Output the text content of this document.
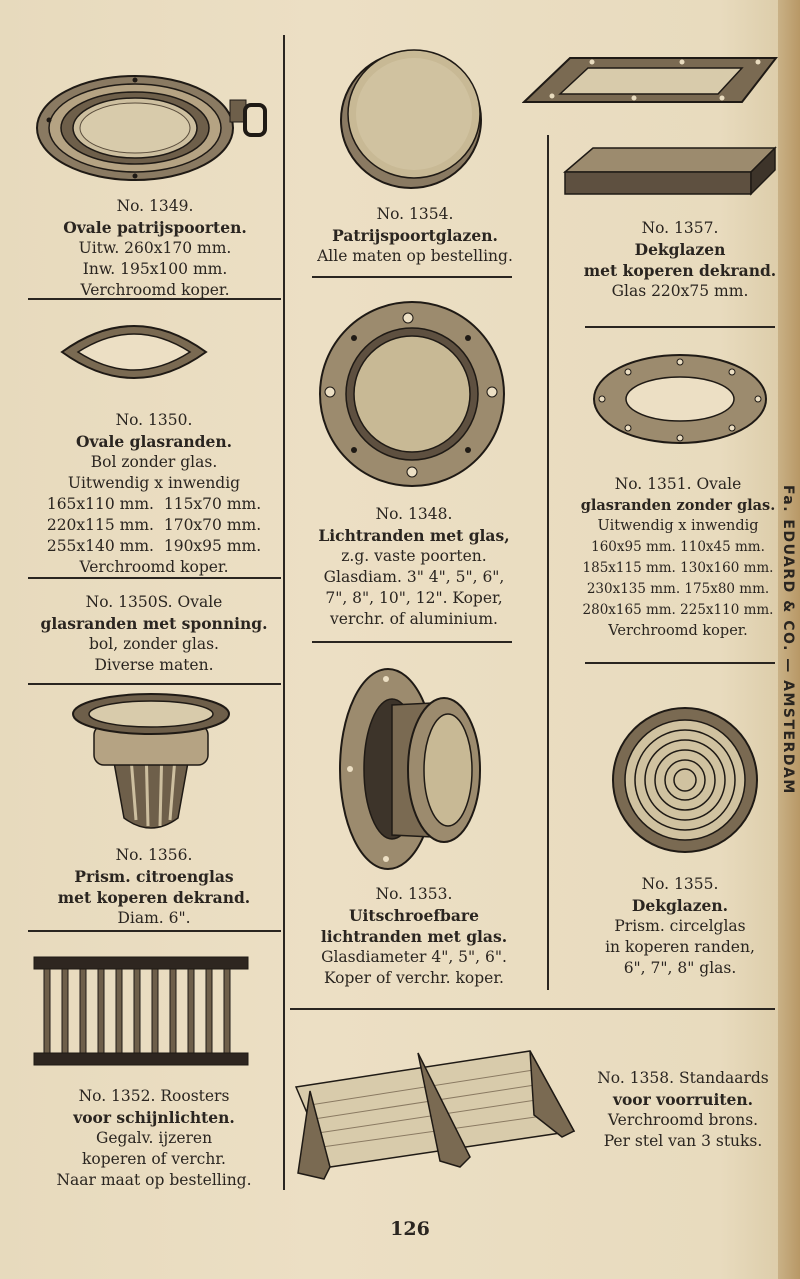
No. 1349.
Ovale patrijspoorten.
Uitw. 260x170 mm.
Inw. 195x100 mm.
Verchroomd koper.
No. 1354.
Patrijspoortglazen.
Alle maten op bestelling.
No. 1357.
Dekglazen
met koperen dekrand.
Glas 220x75 mm.
No. 1350.
Ovale glasranden.
Bol zonder glas.
Uitwendig x inwendig
165x110 mm.  115x70 mm.
220x115 mm.  170x70 mm.
255x140 mm.  190x95 mm.
Verchroomd koper.
No. 1348.
Lichtranden met glas,
z.g. vaste poorten.
Glasdiam. 3" 4", 5", 6",
7", 8", 10", 12". Koper,
verchr. of aluminium.
No. 1351. Ovale
glasranden zonder glas.
Uitwendig x inwendig
160x95 mm. 110x45 mm.
185x115 mm. 130x160 mm.
230x135 mm. 175x80 mm.
280x165 mm. 225x110 mm.
Verchroomd koper.
No. 1350S. Ovale
glasranden met sponning.
bol, zonder glas.
Diverse maten.
No. 1356.
Prism. citroenglas
met koperen dekrand.
Diam. 6".
No. 1353.
Uitschroefbare
lichtranden met glas.
Glasdiameter 4", 5", 6".
Koper of verchr. koper.
No. 1355.
Dekglazen.
Prism. circelglas
in koperen randen,
6", 7", 8" glas.
No. 1352. Roosters
voor schijnlichten.
Gegalv. ijzeren
koperen of verchr.
Naar maat op bestelling.
No. 1358. Standaards
voor voorruiten.
Verchroomd brons.
Per stel van 3 stuks.
Fa. EDUARD & CO. — AMSTERDAM
126
